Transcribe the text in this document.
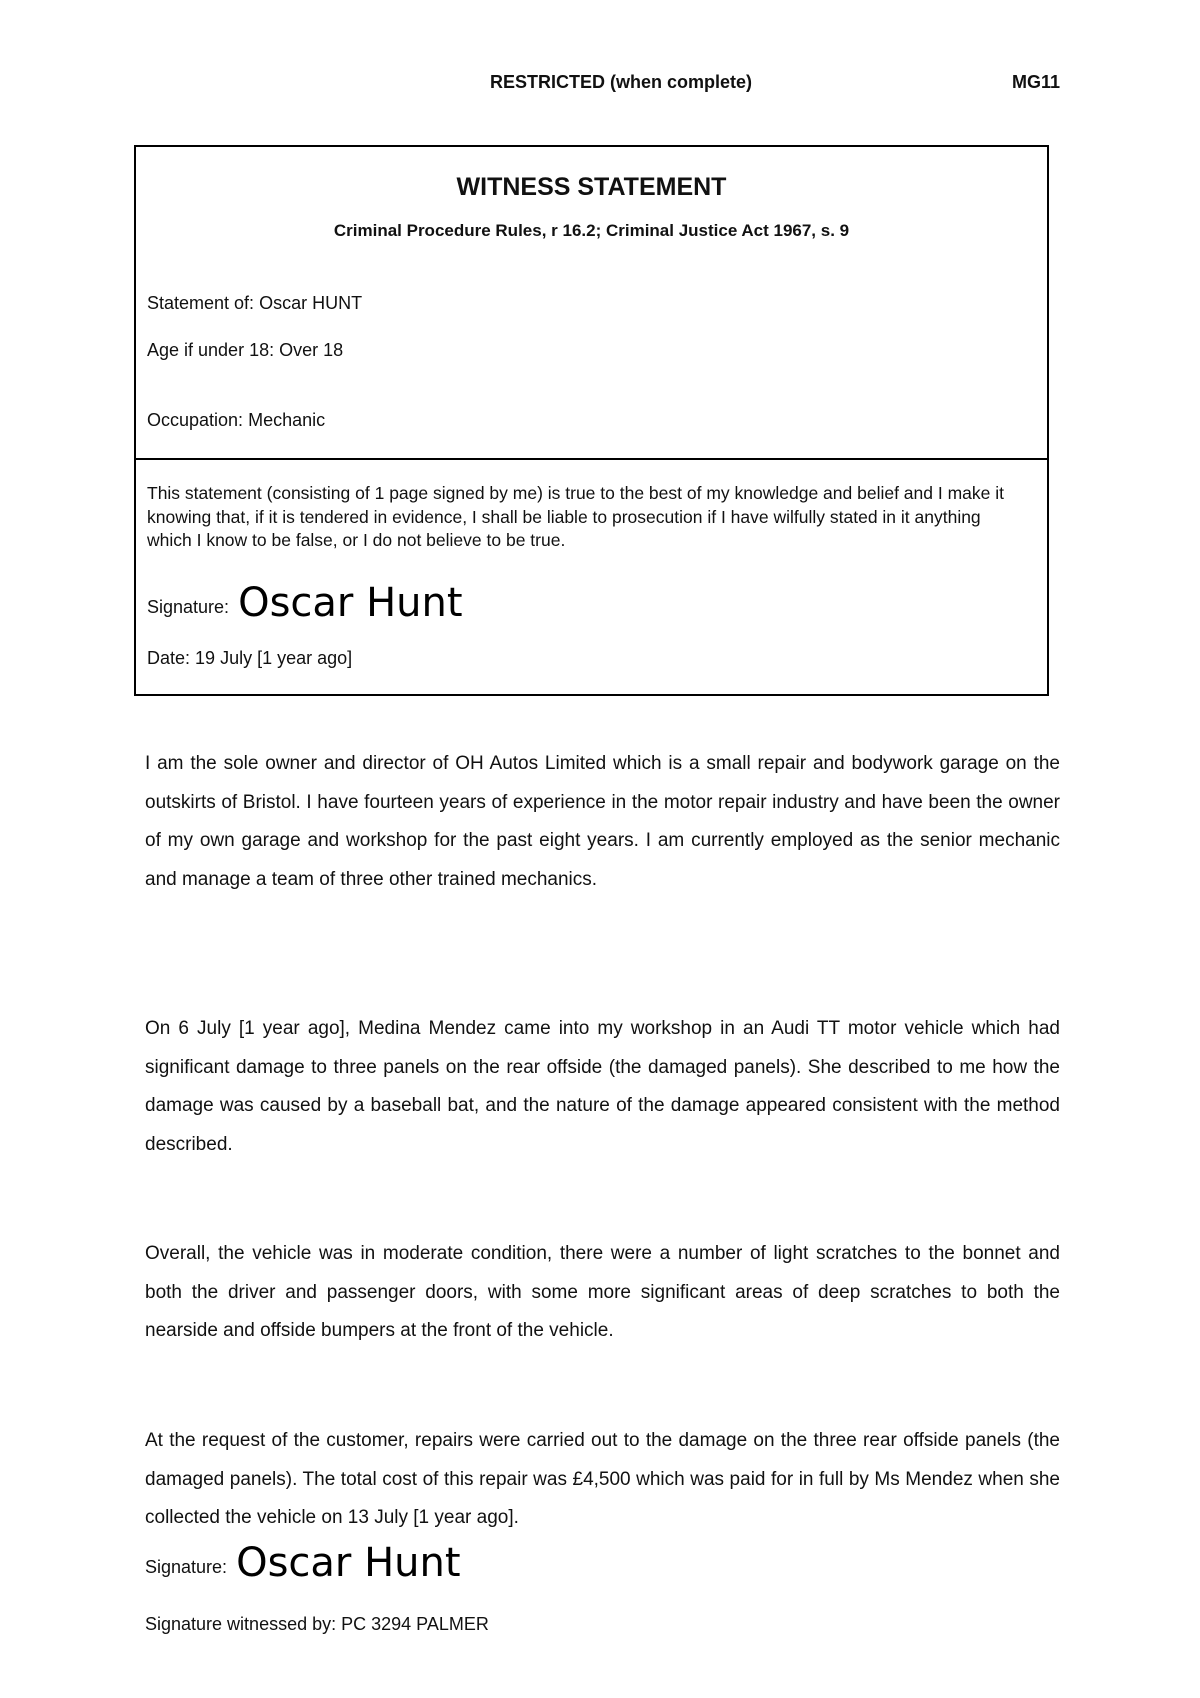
RESTRICTED (when complete)	MG11
WITNESS STATEMENT
Criminal Procedure Rules, r 16.2; Criminal Justice Act 1967, s. 9
Statement of: Oscar HUNT
Age if under 18: Over 18
Occupation: Mechanic
This statement (consisting of 1 page signed by me) is true to the best of my knowledge and belief and I make it knowing that, if it is tendered in evidence, I shall be liable to prosecution if I have wilfully stated in it anything which I know to be false, or I do not believe to be true.
Signature: Oscar Hunt
Date: 19 July [1 year ago]
I am the sole owner and director of OH Autos Limited which is a small repair and bodywork garage on the outskirts of Bristol. I have fourteen years of experience in the motor repair industry and have been the owner of my own garage and workshop for the past eight years. I am currently employed as the senior mechanic and manage a team of three other trained mechanics.
On 6 July [1 year ago], Medina Mendez came into my workshop in an Audi TT motor vehicle which had significant damage to three panels on the rear offside (the damaged panels). She described to me how the damage was caused by a baseball bat, and the nature of the damage appeared consistent with the method described.
Overall, the vehicle was in moderate condition, there were a number of light scratches to the bonnet and both the driver and passenger doors, with some more significant areas of deep scratches to both the nearside and offside bumpers at the front of the vehicle.
At the request of the customer, repairs were carried out to the damage on the three rear offside panels (the damaged panels). The total cost of this repair was £4,500 which was paid for in full by Ms Mendez when she collected the vehicle on 13 July [1 year ago].
Signature: Oscar Hunt
Signature witnessed by: PC 3294 PALMER
